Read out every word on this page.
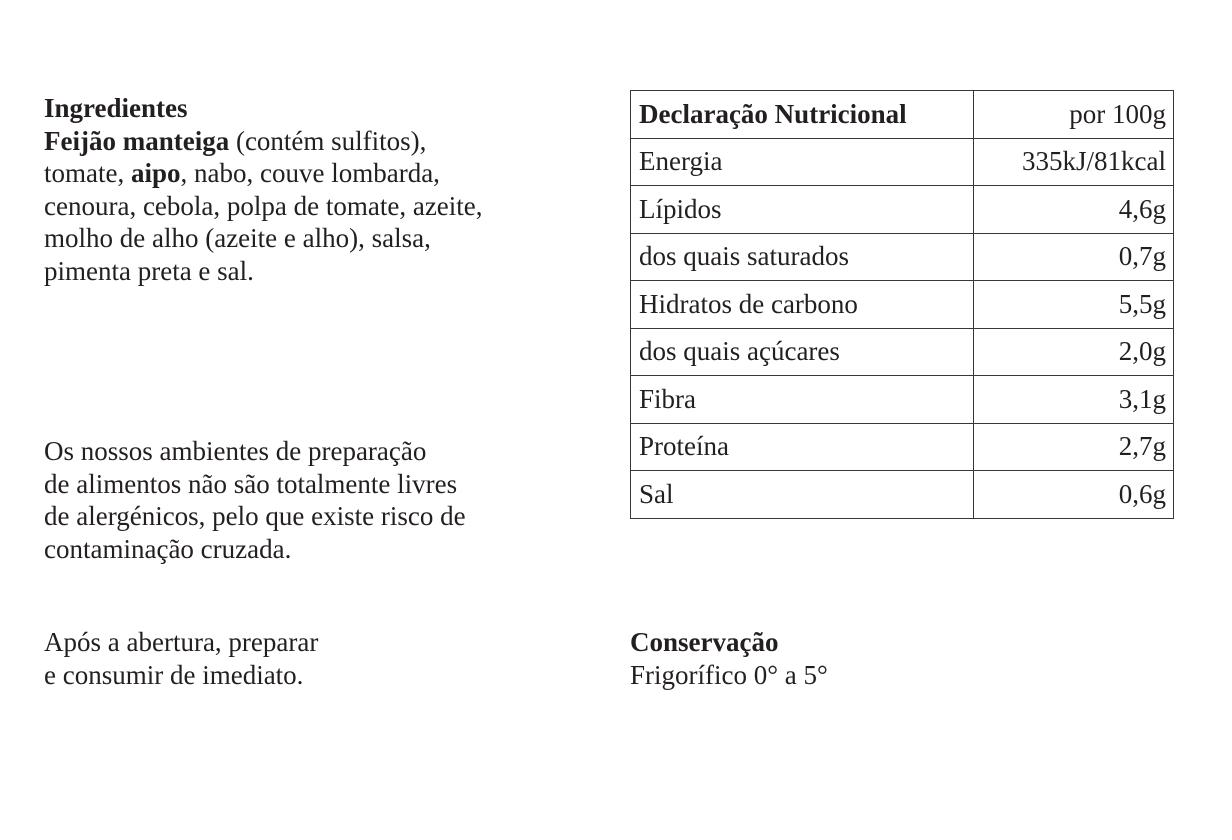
Ingredientes

Feijão manteiga (contém sulfitos),

tomate, aipo, nabo, couve lombarda,

cenoura, cebola, polpa de tomate, azeite,

molho de alho (azeite e alho), salsa,

pimenta preta e sal.

Os nossos ambientes de preparação
de alimentos não são totalmente livres
de alergénicos, pelo que existe risco de
contaminação cruzada.
Após a abertura, preparar
e consumir de imediato.
Declaração Nutricional	por 100g
Energia	335kJ/81kcal
Lípidos	4,6g
dos quais saturados	0,7g
Hidratos de carbono	5,5g
dos quais açúcares	2,0g
Fibra	3,1g
Proteína	2,7g
Sal	0,6g

Conservação

Frigorífico 0° a 5°
